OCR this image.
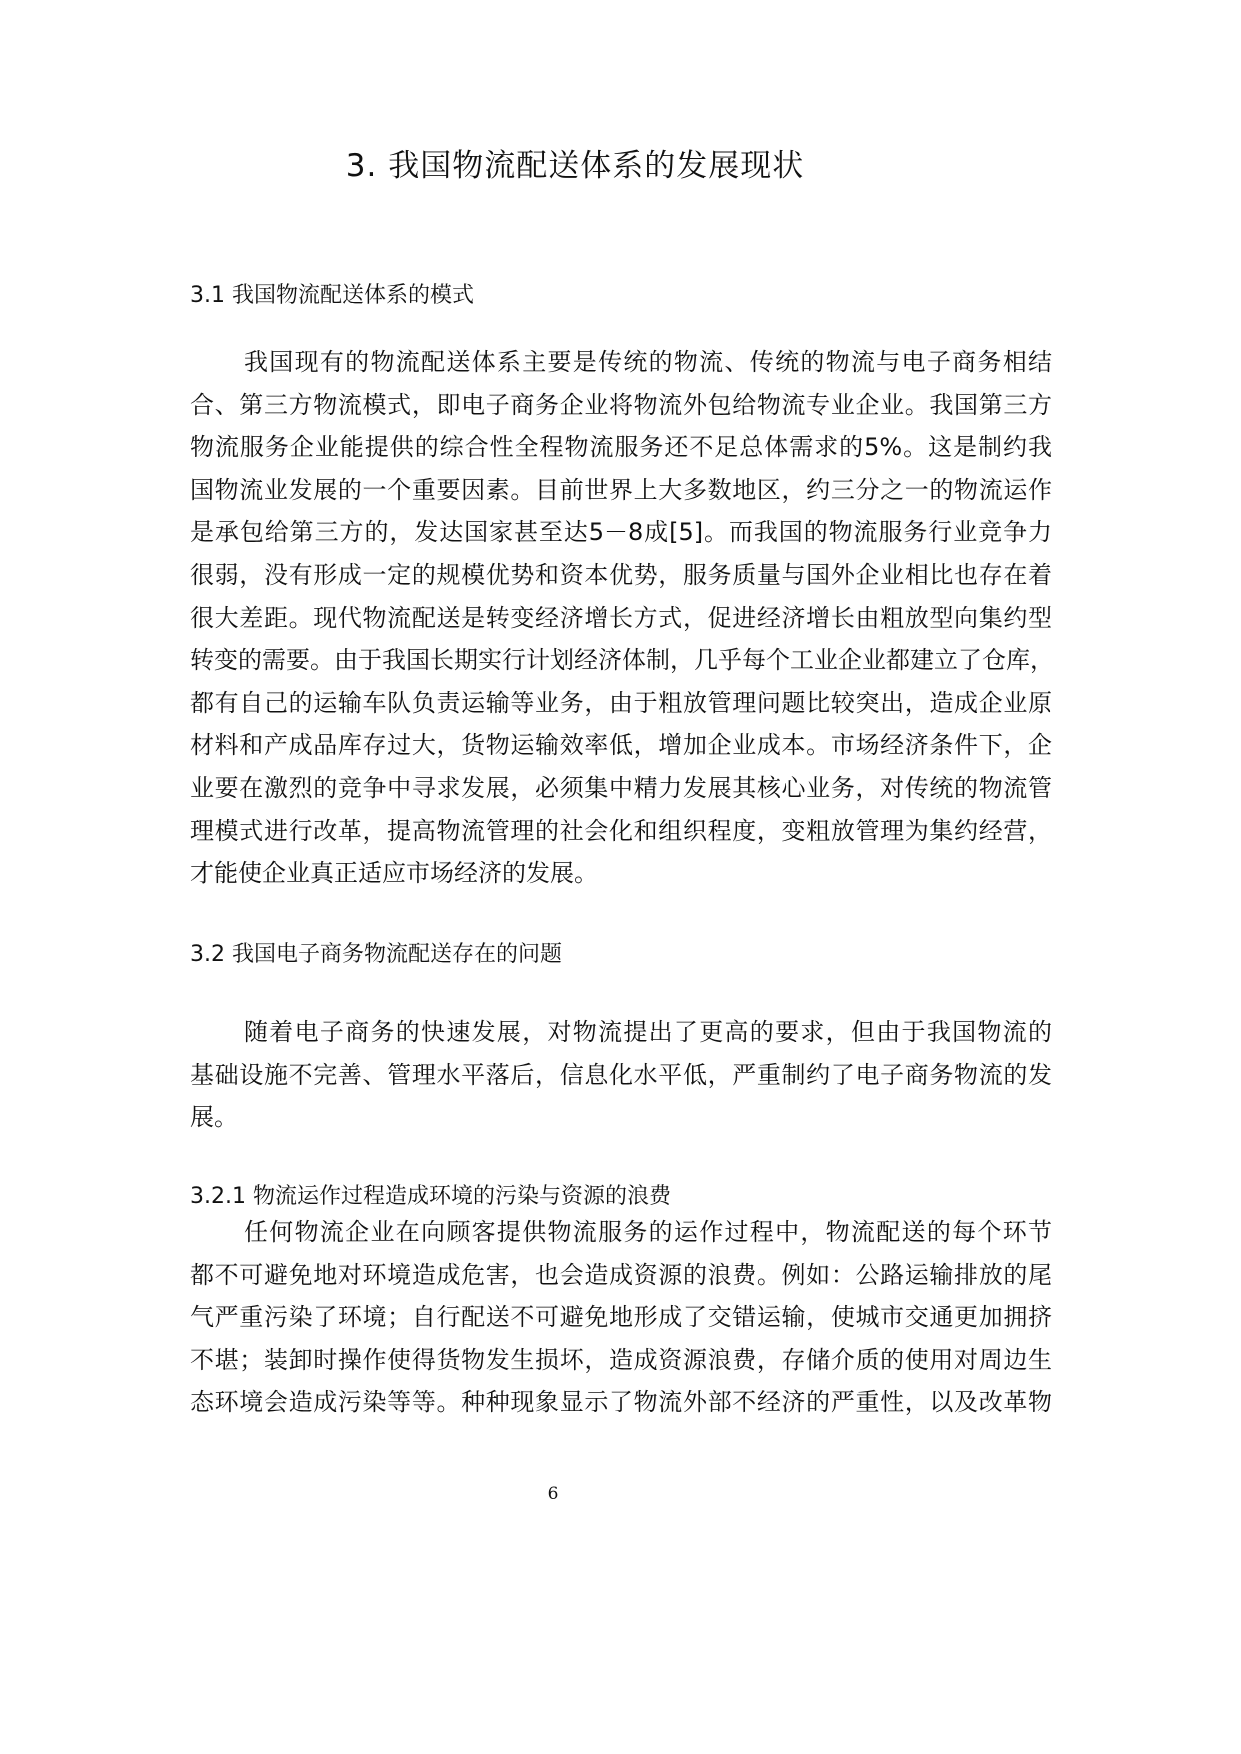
3. 我国物流配送体系的发展现状
3.1 我国物流配送体系的模式
我国现有的物流配送体系主要是传统的物流、传统的物流与电子商务相结
合、第三方物流模式，即电子商务企业将物流外包给物流专业企业。我国第三方
物流服务企业能提供的综合性全程物流服务还不足总体需求的5%。这是制约我
国物流业发展的一个重要因素。目前世界上大多数地区，约三分之一的物流运作
是承包给第三方的，发达国家甚至达5－8成[5]。而我国的物流服务行业竞争力
很弱，没有形成一定的规模优势和资本优势，服务质量与国外企业相比也存在着
很大差距。现代物流配送是转变经济增长方式，促进经济增长由粗放型向集约型
转变的需要。由于我国长期实行计划经济体制，几乎每个工业企业都建立了仓库，
都有自己的运输车队负责运输等业务，由于粗放管理问题比较突出，造成企业原
材料和产成品库存过大，货物运输效率低，增加企业成本。市场经济条件下，企
业要在激烈的竞争中寻求发展，必须集中精力发展其核心业务，对传统的物流管
理模式进行改革，提高物流管理的社会化和组织程度，变粗放管理为集约经营，
才能使企业真正适应市场经济的发展。
3.2 我国电子商务物流配送存在的问题
随着电子商务的快速发展，对物流提出了更高的要求，但由于我国物流的
基础设施不完善、管理水平落后，信息化水平低，严重制约了电子商务物流的发
展。
3.2.1 物流运作过程造成环境的污染与资源的浪费
任何物流企业在向顾客提供物流服务的运作过程中，物流配送的每个环节
都不可避免地对环境造成危害，也会造成资源的浪费。例如：公路运输排放的尾
气严重污染了环境；自行配送不可避免地形成了交错运输，使城市交通更加拥挤
不堪；装卸时操作使得货物发生损坏，造成资源浪费，存储介质的使用对周边生
态环境会造成污染等等。种种现象显示了物流外部不经济的严重性，以及改革物
6
